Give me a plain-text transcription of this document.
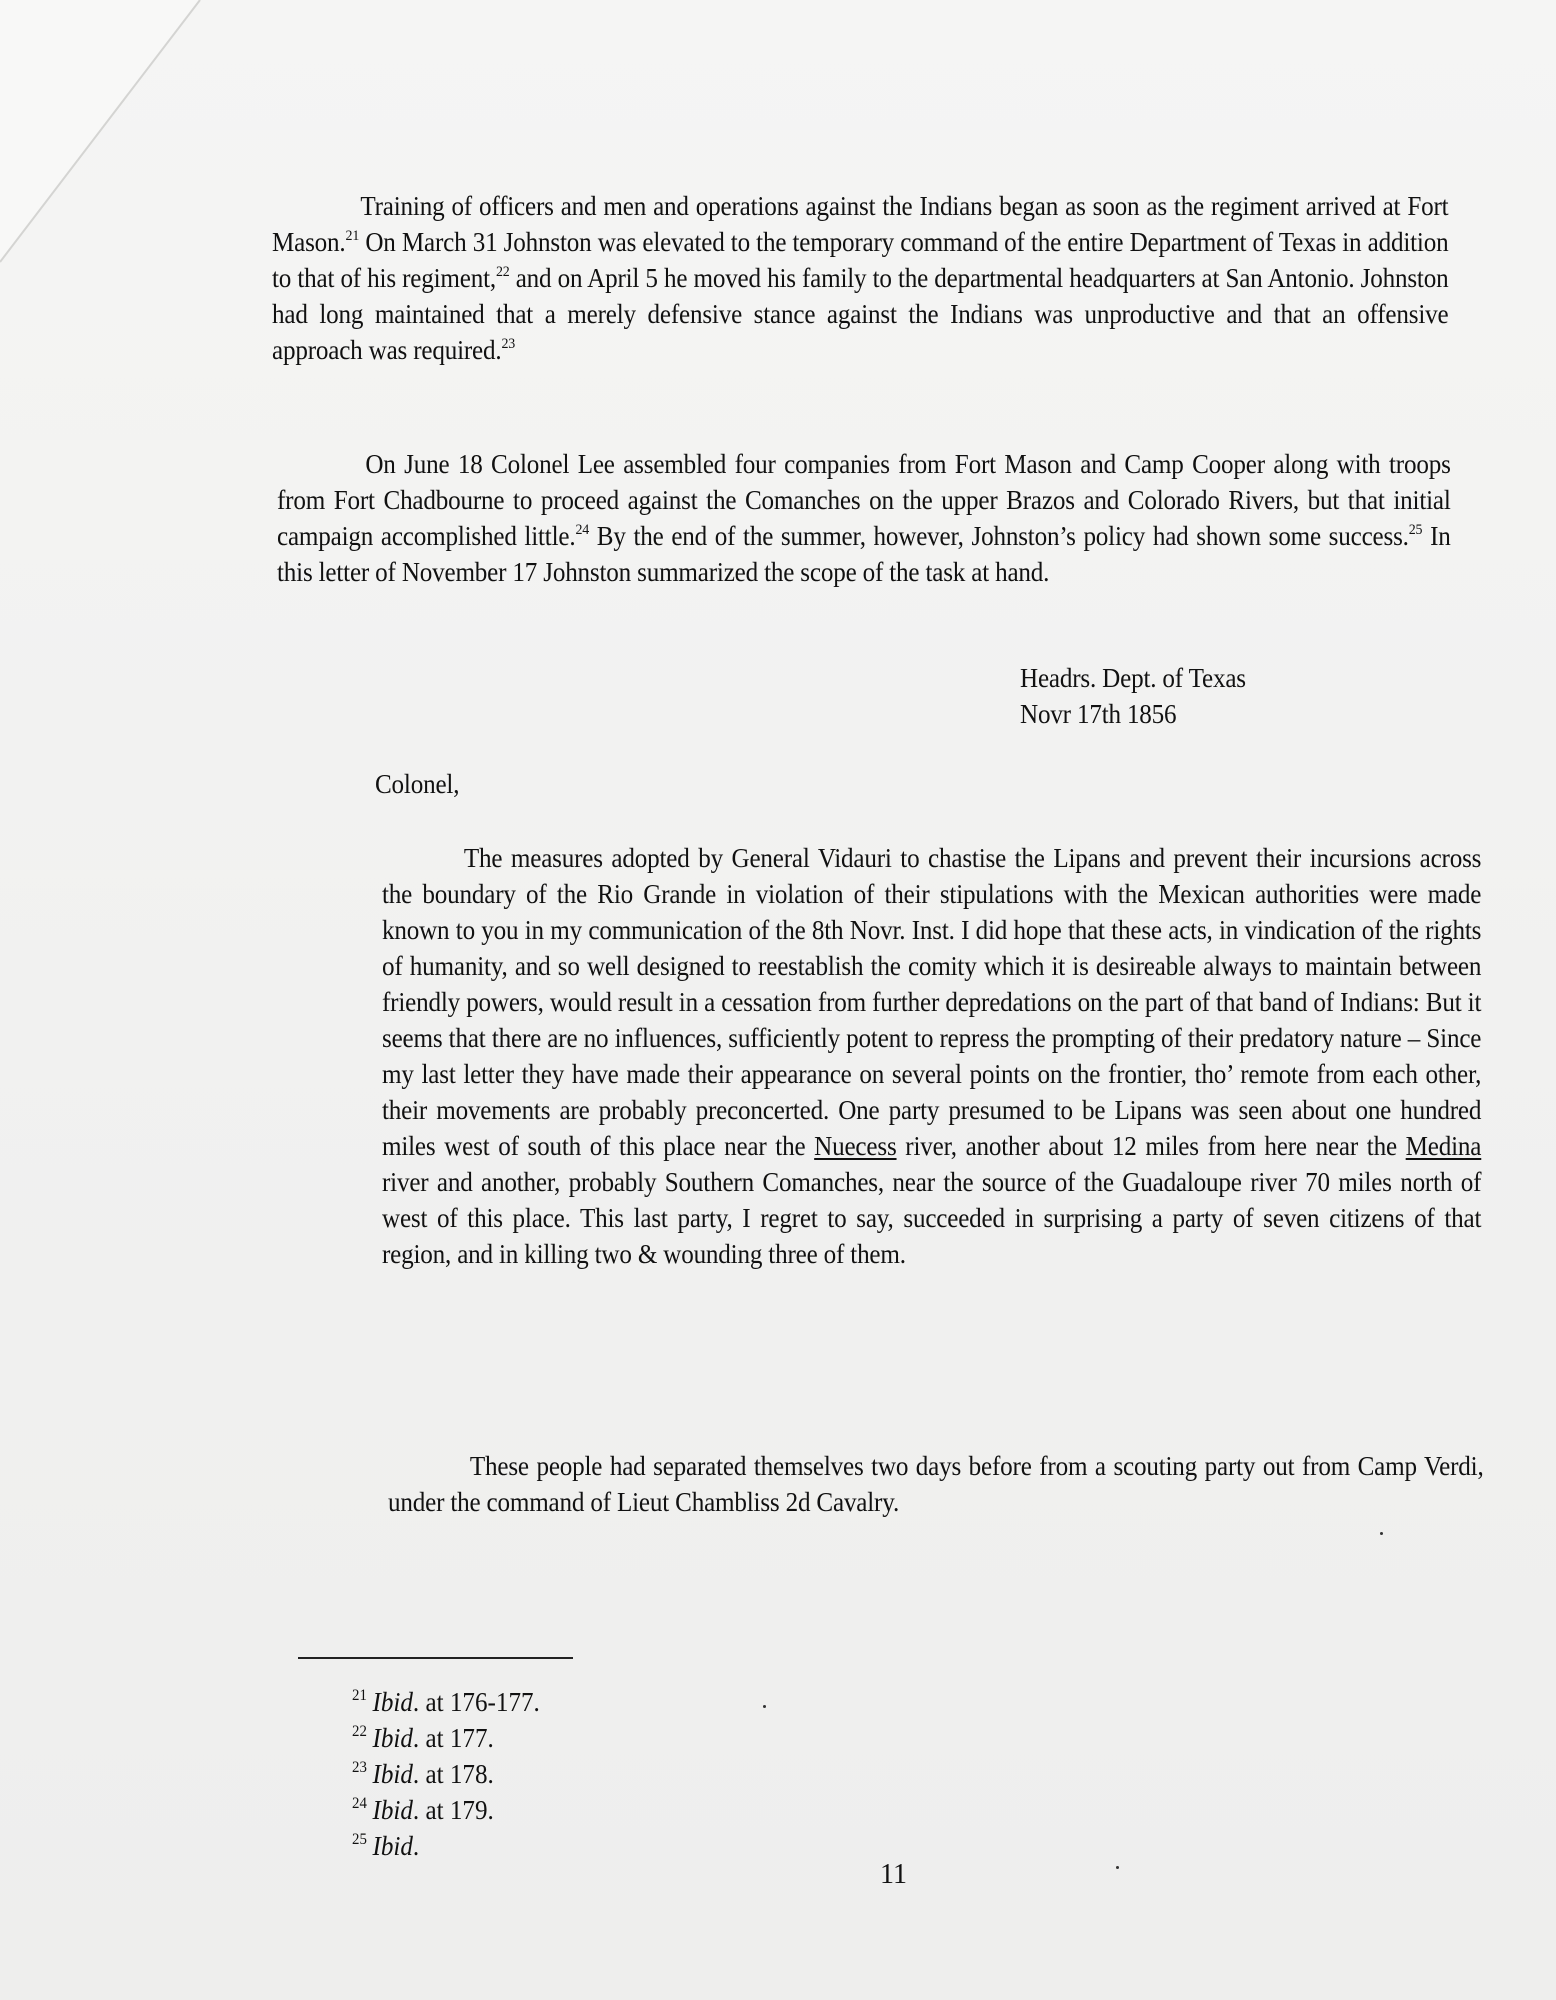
Training of officers and men and operations against the Indians began as soon as the regiment arrived at Fort Mason.$^{21}$ On March 31 Johnston was elevated to the temporary command of the entire Department of Texas in addition to that of his regiment,$^{22}$ and on April 5 he moved his family to the departmental headquarters at San Antonio. Johnston had long maintained that a merely defensive stance against the Indians was unproductive and that an offensive approach was required.$^{23}$

On June 18 Colonel Lee assembled four companies from Fort Mason and Camp Cooper along with troops from Fort Chadbourne to proceed against the Comanches on the upper Brazos and Colorado Rivers, but that initial campaign accomplished little.$^{24}$ By the end of the summer, however, Johnston’s policy had shown some success.$^{25}$ In this letter of November 17 Johnston summarized the scope of the task at hand.

Headrs. Dept. of Texas
Novr 17th 1856
Colonel,

The measures adopted by General Vidauri to chastise the Lipans and prevent their incursions across the boundary of the Rio Grande in violation of their stipulations with the Mexican authorities were made known to you in my communication of the 8th Novr. Inst. I did hope that these acts, in vindication of the rights of humanity, and so well designed to reestablish the comity which it is desireable always to maintain between friendly powers, would result in a cessation from further depredations on the part of that band of Indians: But it seems that there are no influences, sufficiently potent to repress the prompting of their predatory nature – Since my last letter they have made their appearance on several points on the frontier, tho’ remote from each other, their movements are probably preconcerted. One party presumed to be Lipans was seen about one hundred miles west of south of this place near the Nuecess river, another about 12 miles from here near the Medina river and another, probably Southern Comanches, near the source of the Guadaloupe river 70 miles north of west of this place. This last party, I regret to say, succeeded in surprising a party of seven citizens of that region, and in killing two & wounding three of them.

These people had separated themselves two days before from a scouting party out from Camp Verdi, under the command of Lieut Chambliss 2d Cavalry.

$^{21}$ Ibid. at 176-177.
$^{22}$ Ibid. at 177.
$^{23}$ Ibid. at 178.
$^{24}$ Ibid. at 179.
$^{25}$ Ibid.
11
